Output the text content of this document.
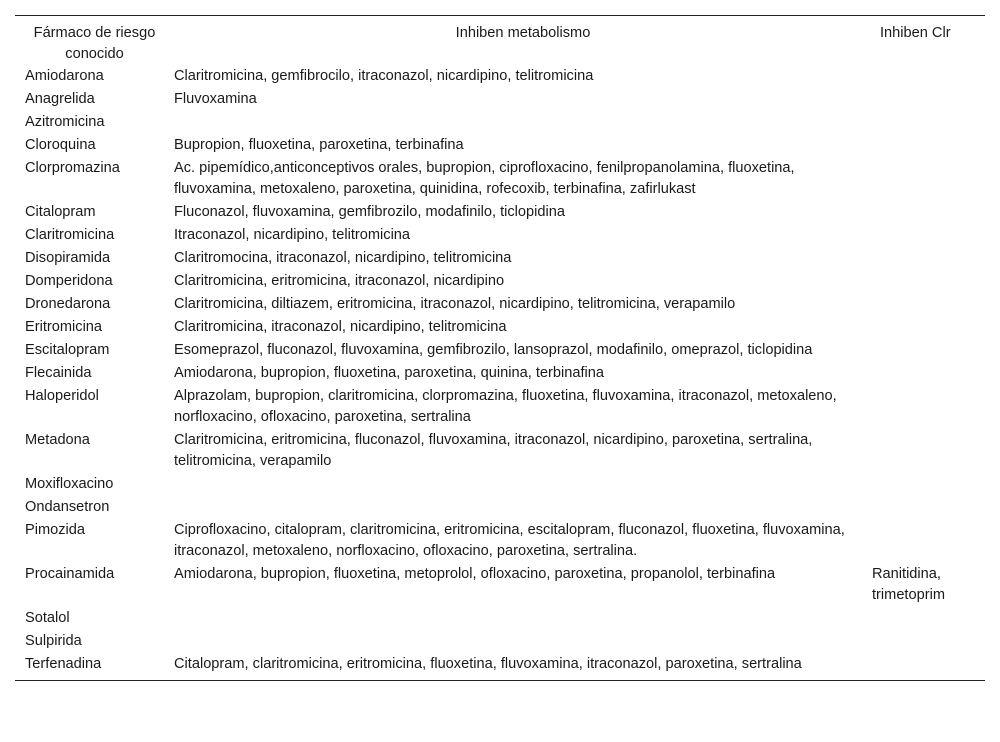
Fármaco de riesgo conocido	Inhiben metabolismo	Inhiben Clr
Amiodarona	Claritromicina, gemfibrocilo, itraconazol, nicardipino, telitromicina	
Anagrelida	Fluvoxamina	
Azitromicina		
Cloroquina	Bupropion, fluoxetina, paroxetina, terbinafina	
Clorpromazina	Ac. pipemídico,anticonceptivos orales, bupropion, ciprofloxacino, fenilpropanolamina, fluoxetina, fluvoxamina, metoxaleno, paroxetina, quinidina, rofecoxib, terbinafina, zafirlukast	
Citalopram	Fluconazol, fluvoxamina, gemfibrozilo, modafinilo, ticlopidina	
Claritromicina	Itraconazol, nicardipino, telitromicina	
Disopiramida	Claritromocina, itraconazol, nicardipino, telitromicina	
Domperidona	Claritromicina, eritromicina, itraconazol, nicardipino	
Dronedarona	Claritromicina, diltiazem, eritromicina, itraconazol, nicardipino, telitromicina, verapamilo	
Eritromicina	Claritromicina, itraconazol, nicardipino, telitromicina	
Escitalopram	Esomeprazol, fluconazol, fluvoxamina, gemfibrozilo, lansoprazol, modafinilo, omeprazol, ticlopidina	
Flecainida	Amiodarona, bupropion, fluoxetina, paroxetina, quinina, terbinafina	
Haloperidol	Alprazolam, bupropion, claritromicina, clorpromazina, fluoxetina, fluvoxamina, itraconazol, metoxaleno, norfloxacino, ofloxacino, paroxetina, sertralina	
Metadona	Claritromicina, eritromicina, fluconazol, fluvoxamina, itraconazol, nicardipino, paroxetina, sertralina, telitromicina, verapamilo	
Moxifloxacino		
Ondansetron		
Pimozida	Ciprofloxacino, citalopram, claritromicina, eritromicina, escitalopram, fluconazol, fluoxetina, fluvoxamina, itraconazol, metoxaleno, norfloxacino, ofloxacino, paroxetina, sertralina.	
Procainamida	Amiodarona, bupropion, fluoxetina, metoprolol, ofloxacino, paroxetina, propanolol, terbinafina	Ranitidina, trimetoprim
Sotalol		
Sulpirida		
Terfenadina	Citalopram, claritromicina, eritromicina, fluoxetina, fluvoxamina, itraconazol, paroxetina, sertralina	
